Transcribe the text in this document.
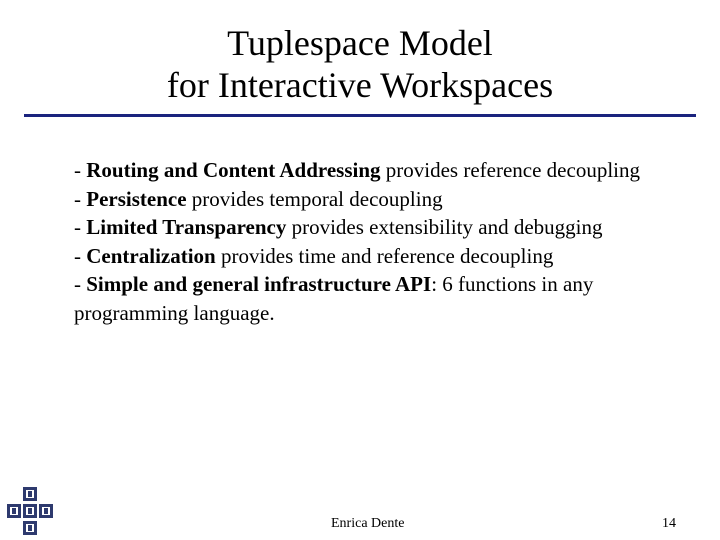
Tuplespace Model
for Interactive Workspaces

- Routing and Content Addressing provides reference decoupling

- Persistence provides temporal decoupling

- Limited Transparency provides extensibility and debugging

- Centralization provides time and reference decoupling

- Simple and general infrastructure API: 6 functions in any programming language.

Enrica Dente	14
